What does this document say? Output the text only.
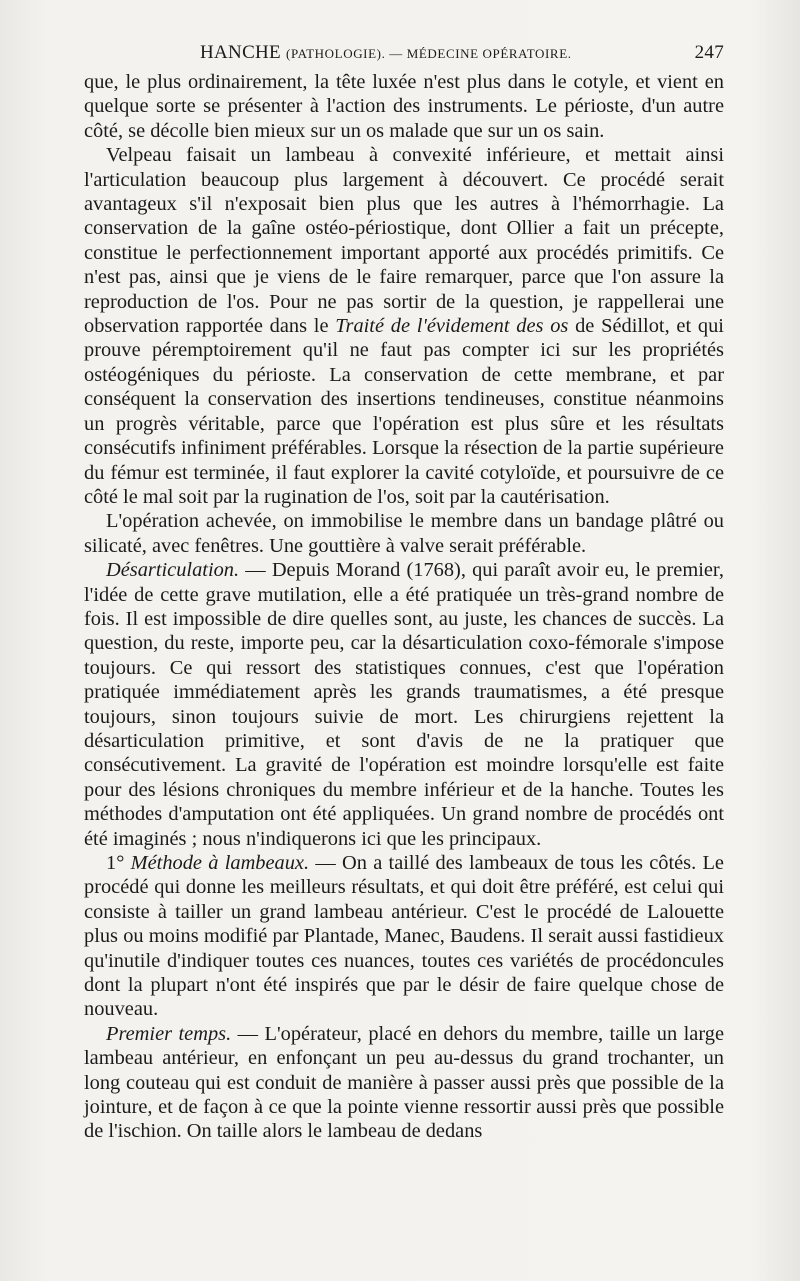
HANCHE (PATHOLOGIE). — MÉDECINE OPÉRATOIRE.	247

que, le plus ordinairement, la tête luxée n'est plus dans le cotyle, et vient en quelque sorte se présenter à l'action des instruments. Le périoste, d'un autre côté, se décolle bien mieux sur un os malade que sur un os sain.

Velpeau faisait un lambeau à convexité inférieure, et mettait ainsi l'articulation beaucoup plus largement à découvert. Ce procédé serait avantageux s'il n'exposait bien plus que les autres à l'hémorrhagie. La conservation de la gaîne ostéo-périostique, dont Ollier a fait un précepte, constitue le perfectionnement important apporté aux procédés primitifs. Ce n'est pas, ainsi que je viens de le faire remarquer, parce que l'on assure la reproduction de l'os. Pour ne pas sortir de la question, je rappellerai une observation rapportée dans le Traité de l'évidement des os de Sédillot, et qui prouve péremptoirement qu'il ne faut pas compter ici sur les propriétés ostéogéniques du périoste. La conservation de cette membrane, et par conséquent la conservation des insertions tendineuses, constitue néanmoins un progrès véritable, parce que l'opération est plus sûre et les résultats consécutifs infiniment préférables. Lorsque la résection de la partie supérieure du fémur est terminée, il faut explorer la cavité cotyloïde, et poursuivre de ce côté le mal soit par la rugination de l'os, soit par la cautérisation.

L'opération achevée, on immobilise le membre dans un bandage plâtré ou silicaté, avec fenêtres. Une gouttière à valve serait préférable.

Désarticulation. — Depuis Morand (1768), qui paraît avoir eu, le premier, l'idée de cette grave mutilation, elle a été pratiquée un très-grand nombre de fois. Il est impossible de dire quelles sont, au juste, les chances de succès. La question, du reste, importe peu, car la désarticulation coxo-fémorale s'impose toujours. Ce qui ressort des statistiques connues, c'est que l'opération pratiquée immédiatement après les grands traumatismes, a été presque toujours, sinon toujours suivie de mort. Les chirurgiens rejettent la désarticulation primitive, et sont d'avis de ne la pratiquer que consécutivement. La gravité de l'opération est moindre lorsqu'elle est faite pour des lésions chroniques du membre inférieur et de la hanche. Toutes les méthodes d'amputation ont été appliquées. Un grand nombre de procédés ont été imaginés ; nous n'indiquerons ici que les principaux.

1° Méthode à lambeaux. — On a taillé des lambeaux de tous les côtés. Le procédé qui donne les meilleurs résultats, et qui doit être préféré, est celui qui consiste à tailler un grand lambeau antérieur. C'est le procédé de Lalouette plus ou moins modifié par Plantade, Manec, Baudens. Il serait aussi fastidieux qu'inutile d'indiquer toutes ces nuances, toutes ces variétés de procédoncules dont la plupart n'ont été inspirés que par le désir de faire quelque chose de nouveau.

Premier temps. — L'opérateur, placé en dehors du membre, taille un large lambeau antérieur, en enfonçant un peu au-dessus du grand trochanter, un long couteau qui est conduit de manière à passer aussi près que possible de la jointure, et de façon à ce que la pointe vienne ressortir aussi près que possible de l'ischion. On taille alors le lambeau de dedans
